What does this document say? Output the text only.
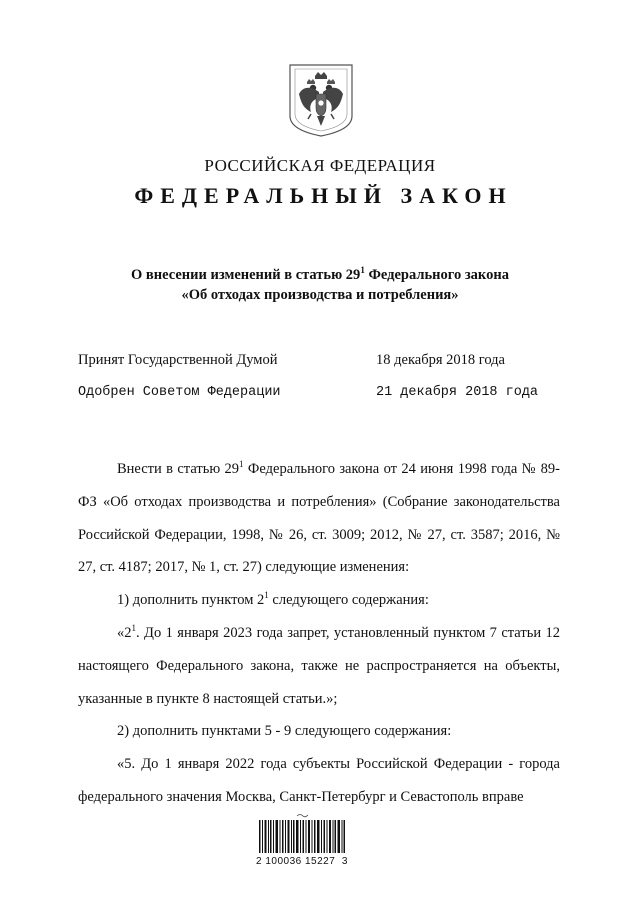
РОССИЙСКАЯ ФЕДЕРАЦИЯ
ФЕДЕРАЛЬНЫЙ ЗАКОН
О внесении изменений в статью $29^1$ Федерального закона
«Об отходах производства и потребления»
Принят Государственной Думой	18 декабря 2018 года
Одобрен Советом Федерации	21 декабря 2018 года

Внести в статью $29^1$ Федерального закона от 24 июня 1998 года № 89-ФЗ «Об отходах производства и потребления» (Собрание законодательства Российской Федерации, 1998, № 26, ст. 3009; 2012, № 27, ст. 3587; 2016, № 27, ст. 4187; 2017, № 1, ст. 27) следующие изменения:

1) дополнить пунктом $2^1$ следующего содержания:

«$2^1$. До 1 января 2023 года запрет, установленный пунктом 7 статьи 12 настоящего Федерального закона, также не распространяется на объекты, указанные в пункте 8 настоящей статьи.»;

2) дополнить пунктами 5 - 9 следующего содержания:

«5. До 1 января 2022 года субъекты Российской Федерации - города федерального значения Москва, Санкт-Петербург и Севастополь вправе

2 100036 15227  3
